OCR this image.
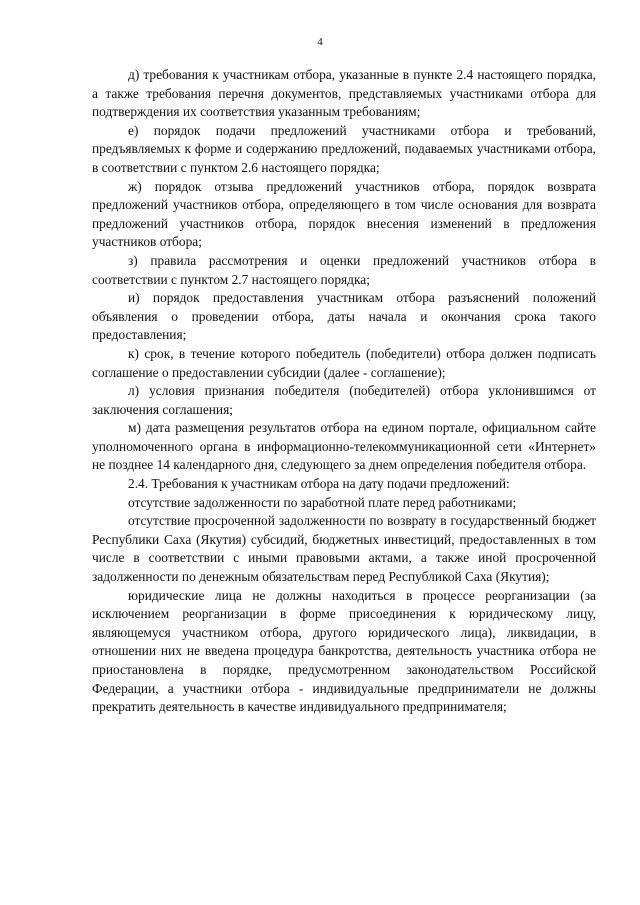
4

д) требования к участникам отбора, указанные в пункте 2.4 настоящего порядка, а также требования перечня документов, представляемых участниками отбора для подтверждения их соответствия указанным требованиям;

е) порядок подачи предложений участниками отбора и требований, предъявляемых к форме и содержанию предложений, подаваемых участниками отбора, в соответствии с пунктом 2.6 настоящего порядка;

ж) порядок отзыва предложений участников отбора, порядок возврата предложений участников отбора, определяющего в том числе основания для возврата предложений участников отбора, порядок внесения изменений в предложения участников отбора;

з) правила рассмотрения и оценки предложений участников отбора в соответствии с пунктом 2.7 настоящего порядка;

и) порядок предоставления участникам отбора разъяснений положений объявления о проведении отбора, даты начала и окончания срока такого предоставления;

к) срок, в течение которого победитель (победители) отбора должен подписать соглашение о предоставлении субсидии (далее - соглашение);

л) условия признания победителя (победителей) отбора уклонившимся от заключения соглашения;

м) дата размещения результатов отбора на едином портале, официальном сайте уполномоченного органа в информационно-телекоммуникационной сети «Интернет» не позднее 14 календарного дня, следующего за днем определения победителя отбора.

2.4. Требования к участникам отбора на дату подачи предложений:

отсутствие задолженности по заработной плате перед работниками;

отсутствие просроченной задолженности по возврату в государственный бюджет Республики Саха (Якутия) субсидий, бюджетных инвестиций, предоставленных в том числе в соответствии с иными правовыми актами, а также иной просроченной задолженности по денежным обязательствам перед Республикой Саха (Якутия);

юридические лица не должны находиться в процессе реорганизации (за исключением реорганизации в форме присоединения к юридическому лицу, являющемуся участником отбора, другого юридического лица), ликвидации, в отношении них не введена процедура банкротства, деятельность участника отбора не приостановлена в порядке, предусмотренном законодательством Российской Федерации, а участники отбора - индивидуальные предприниматели не должны прекратить деятельность в качестве индивидуального предпринимателя;
